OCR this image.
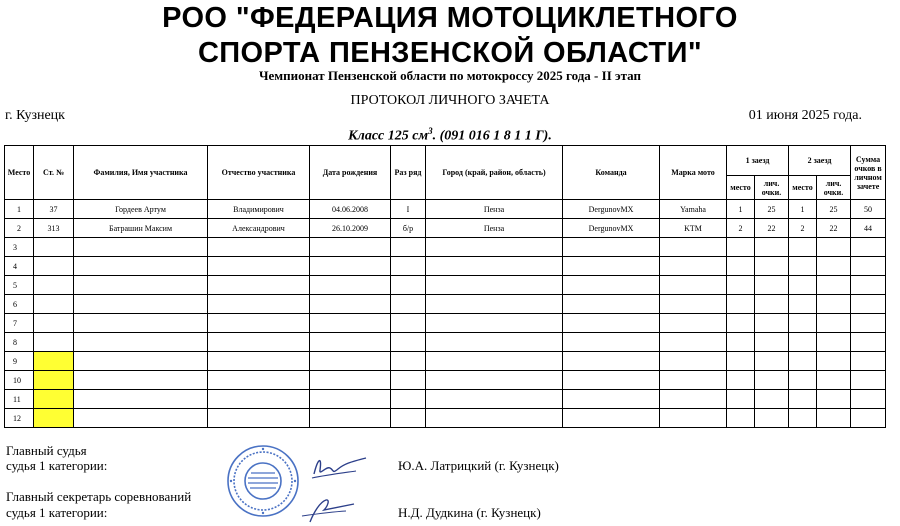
РОО "ФЕДЕРАЦИЯ МОТОЦИКЛЕТНОГО
СПОРТА ПЕНЗЕНСКОЙ ОБЛАСТИ"
Чемпионат Пензенской области по мотокроссу 2025 года - II этап
ПРОТОКОЛ ЛИЧНОГО ЗАЧЕТА
г. Кузнецк	01 июня 2025 года.
Класс 125 $см^3$. (091 016 1 8 1 1 Г).
Место	Ст. №	Фамилия, Имя участника	Отчество участника	Дата рождения	Раз ряд	Город (край, район, область)	Команда	Марка мото	1 заезд		2 заезд		Сумма очков в личном зачете
									место	лич. очки.	место	лич. очки.	
1	37	Гордеев Артум	Владимирович	04.06.2008	I	Пенза	DergunovMX	Yamaha	1	25	1	25	50
2	313	Батрашин Максим	Александрович	26.10.2009	б/р	Пенза	DergunovMX	KTM	2	22	2	22	44
3													
4													
5													
6													
7													
8													
9													
10													
11													
12													
Главный судья
судья 1 категории:	Ю.А. Латрицкий (г. Кузнецк)
Главный секретарь соревнований
судья 1 категории:	Н.Д. Дудкина (г. Кузнецк)
